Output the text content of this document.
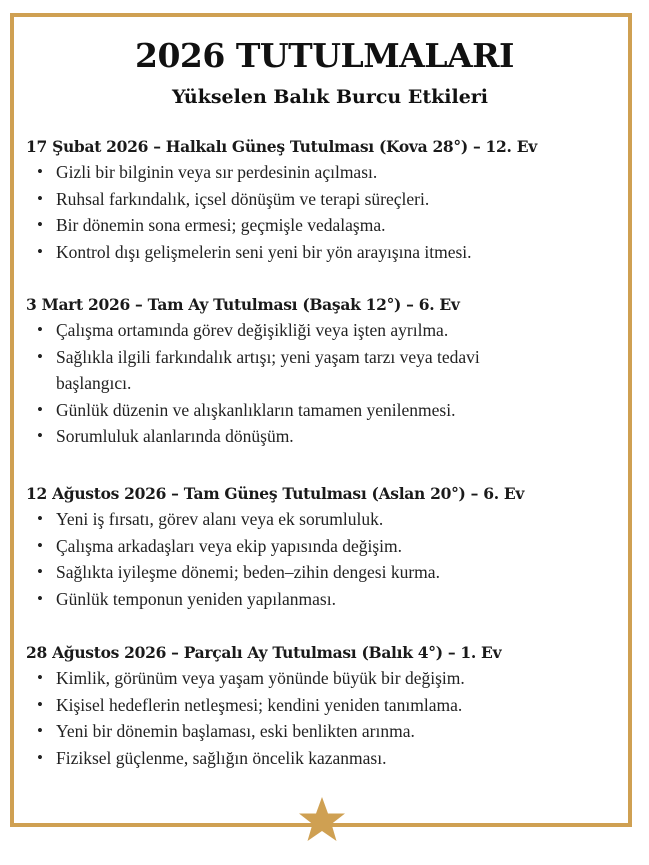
2026 TUTULMALARI
Yükselen Balık Burcu Etkileri

17 Şubat 2026 – Halkalı Güneş Tutulması (Kova 28°) – 12. Ev

• Gizli bir bilginin veya sır perdesinin açılması.
• Ruhsal farkındalık, içsel dönüşüm ve terapi süreçleri.
• Bir dönemin sona ermesi; geçmişle vedalaşma.
• Kontrol dışı gelişmelerin seni yeni bir yön arayışına itmesi.

3 Mart 2026 – Tam Ay Tutulması (Başak 12°) – 6. Ev

• Çalışma ortamında görev değişikliği veya işten ayrılma.
• Sağlıkla ilgili farkındalık artışı; yeni yaşam tarzı veya tedavi başlangıcı.
• Günlük düzenin ve alışkanlıkların tamamen yenilenmesi.
• Sorumluluk alanlarında dönüşüm.

12 Ağustos 2026 – Tam Güneş Tutulması (Aslan 20°) – 6. Ev

• Yeni iş fırsatı, görev alanı veya ek sorumluluk.
• Çalışma arkadaşları veya ekip yapısında değişim.
• Sağlıkta iyileşme dönemi; beden–zihin dengesi kurma.
• Günlük temponun yeniden yapılanması.

28 Ağustos 2026 – Parçalı Ay Tutulması (Balık 4°) – 1. Ev

• Kimlik, görünüm veya yaşam yönünde büyük bir değişim.
• Kişisel hedeflerin netleşmesi; kendini yeniden tanımlama.
• Yeni bir dönemin başlaması, eski benlikten arınma.
• Fiziksel güçlenme, sağlığın öncelik kazanması.
